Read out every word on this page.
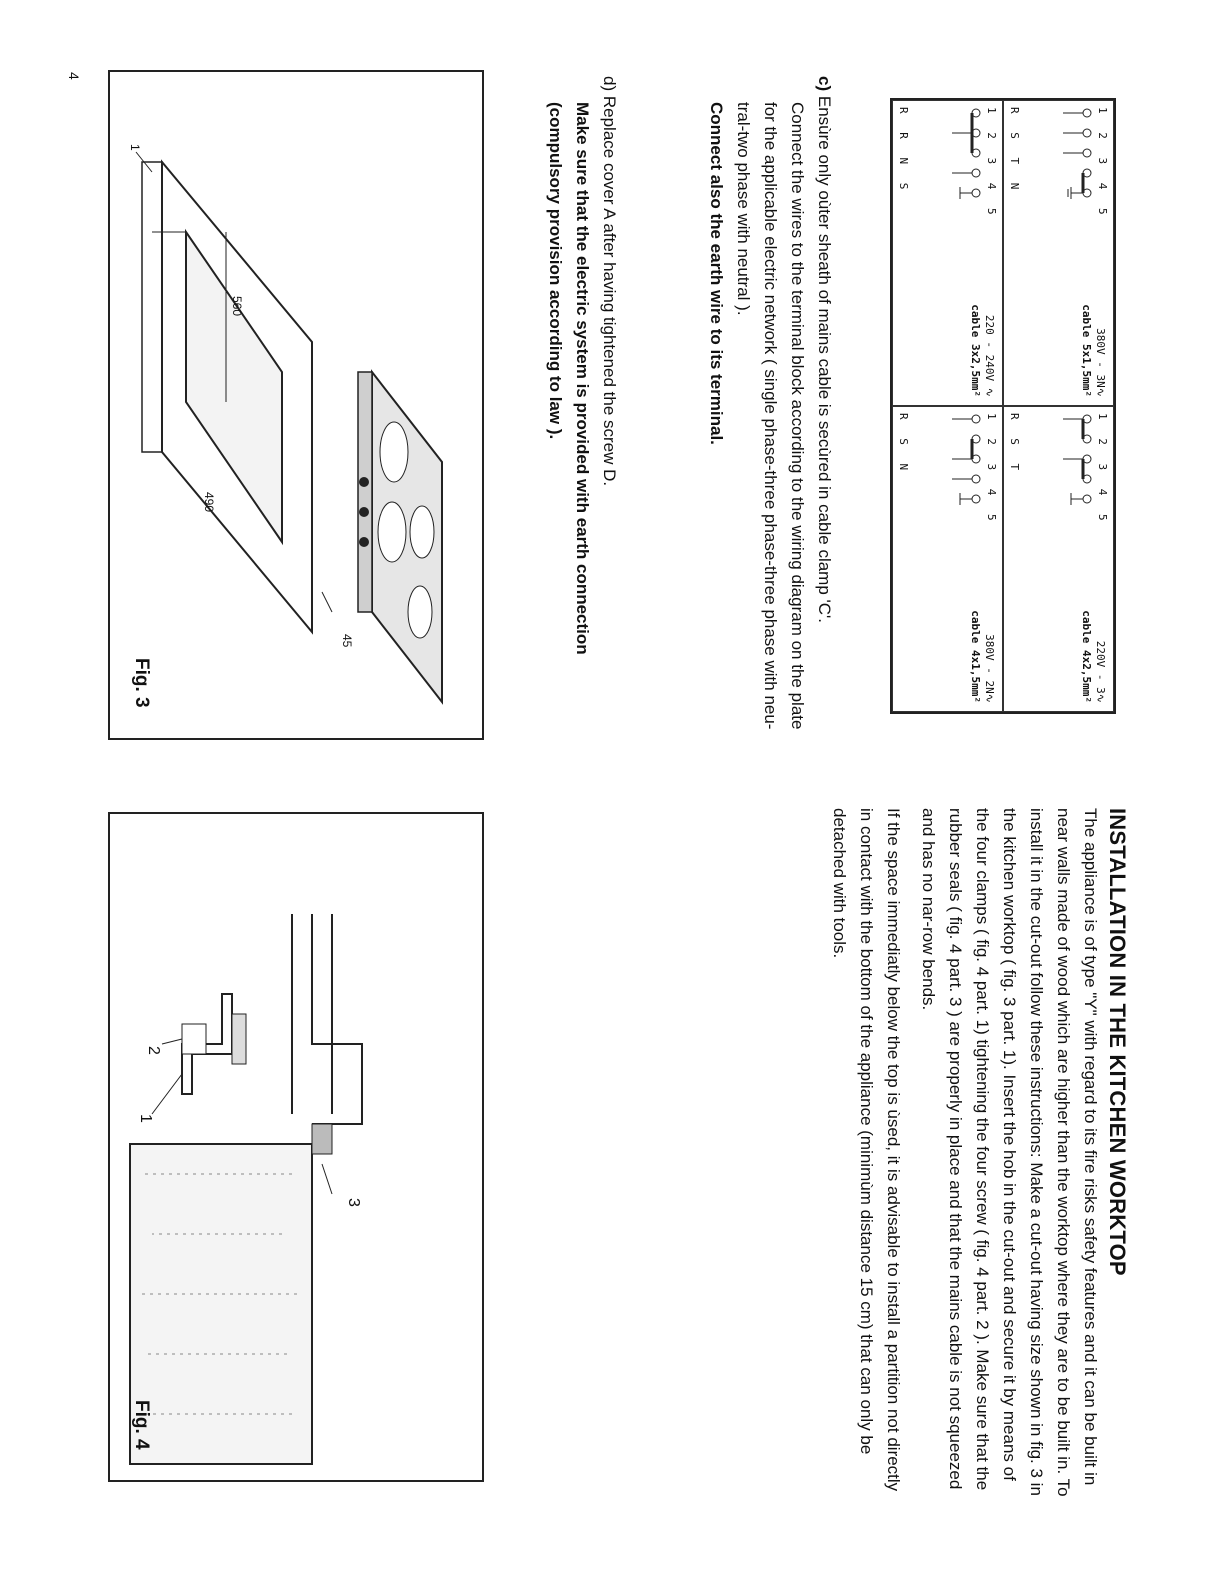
4
1 2 3 4 5
R S T N
380V - 3N∿
cable 5x1,5mm²
1 2 3 4 5
R S T
220V - 3∿
cable 4x2,5mm²
1 2 3 4 5
R R N S
220 - 240V ∿
cable 3x2,5mm²
1 2 3 4 5
R S N
380V - 2N∿
cable 4x1,5mm²
c) Ensùre only oùter sheath of mains cable is secùred in cable clamp 'C'.
Connect the wires to the terminal block according to the wiring diagram on the plate for the applicable electric network ( single phase-three phase-three phase with neu-tral-two phase with neutral ).
Connect also the earth wire to its terminal.
d) Replace cover A after having tightened the screw D.
Make sure that the electric system is provided with earth connection (compulsory provision according to law ).
560
490
45
1
Fig. 3
INSTALLATION IN THE KITCHEN WORKTOP
The appliance is of type "Y" with regard to its fire risks safety features and it can be built in near walls made of wood which are higher than the worktop where they are to be built in. To install it in the cut-out follow these instructions: Make a cut-out having size shown in fig. 3 in the kitchen worktop ( fig. 3 part. 1). Insert the hob in the cut-out and secure it by means of the four clamps ( fig. 4 part. 1) tightening the four screw ( fig. 4 part. 2 ). Make sure that the rubber seals ( fig. 4 part. 3 ) are properly in place and that the mains cable is not squeezed and has no nar-row bends.
If the space immediatly below the top is ùsed, it is advisable to install a partition not directly in contact with the bottom of the appliance (minimùm distance 15 cm) that can only be detached with tools.
3
1
2
Fig. 4
